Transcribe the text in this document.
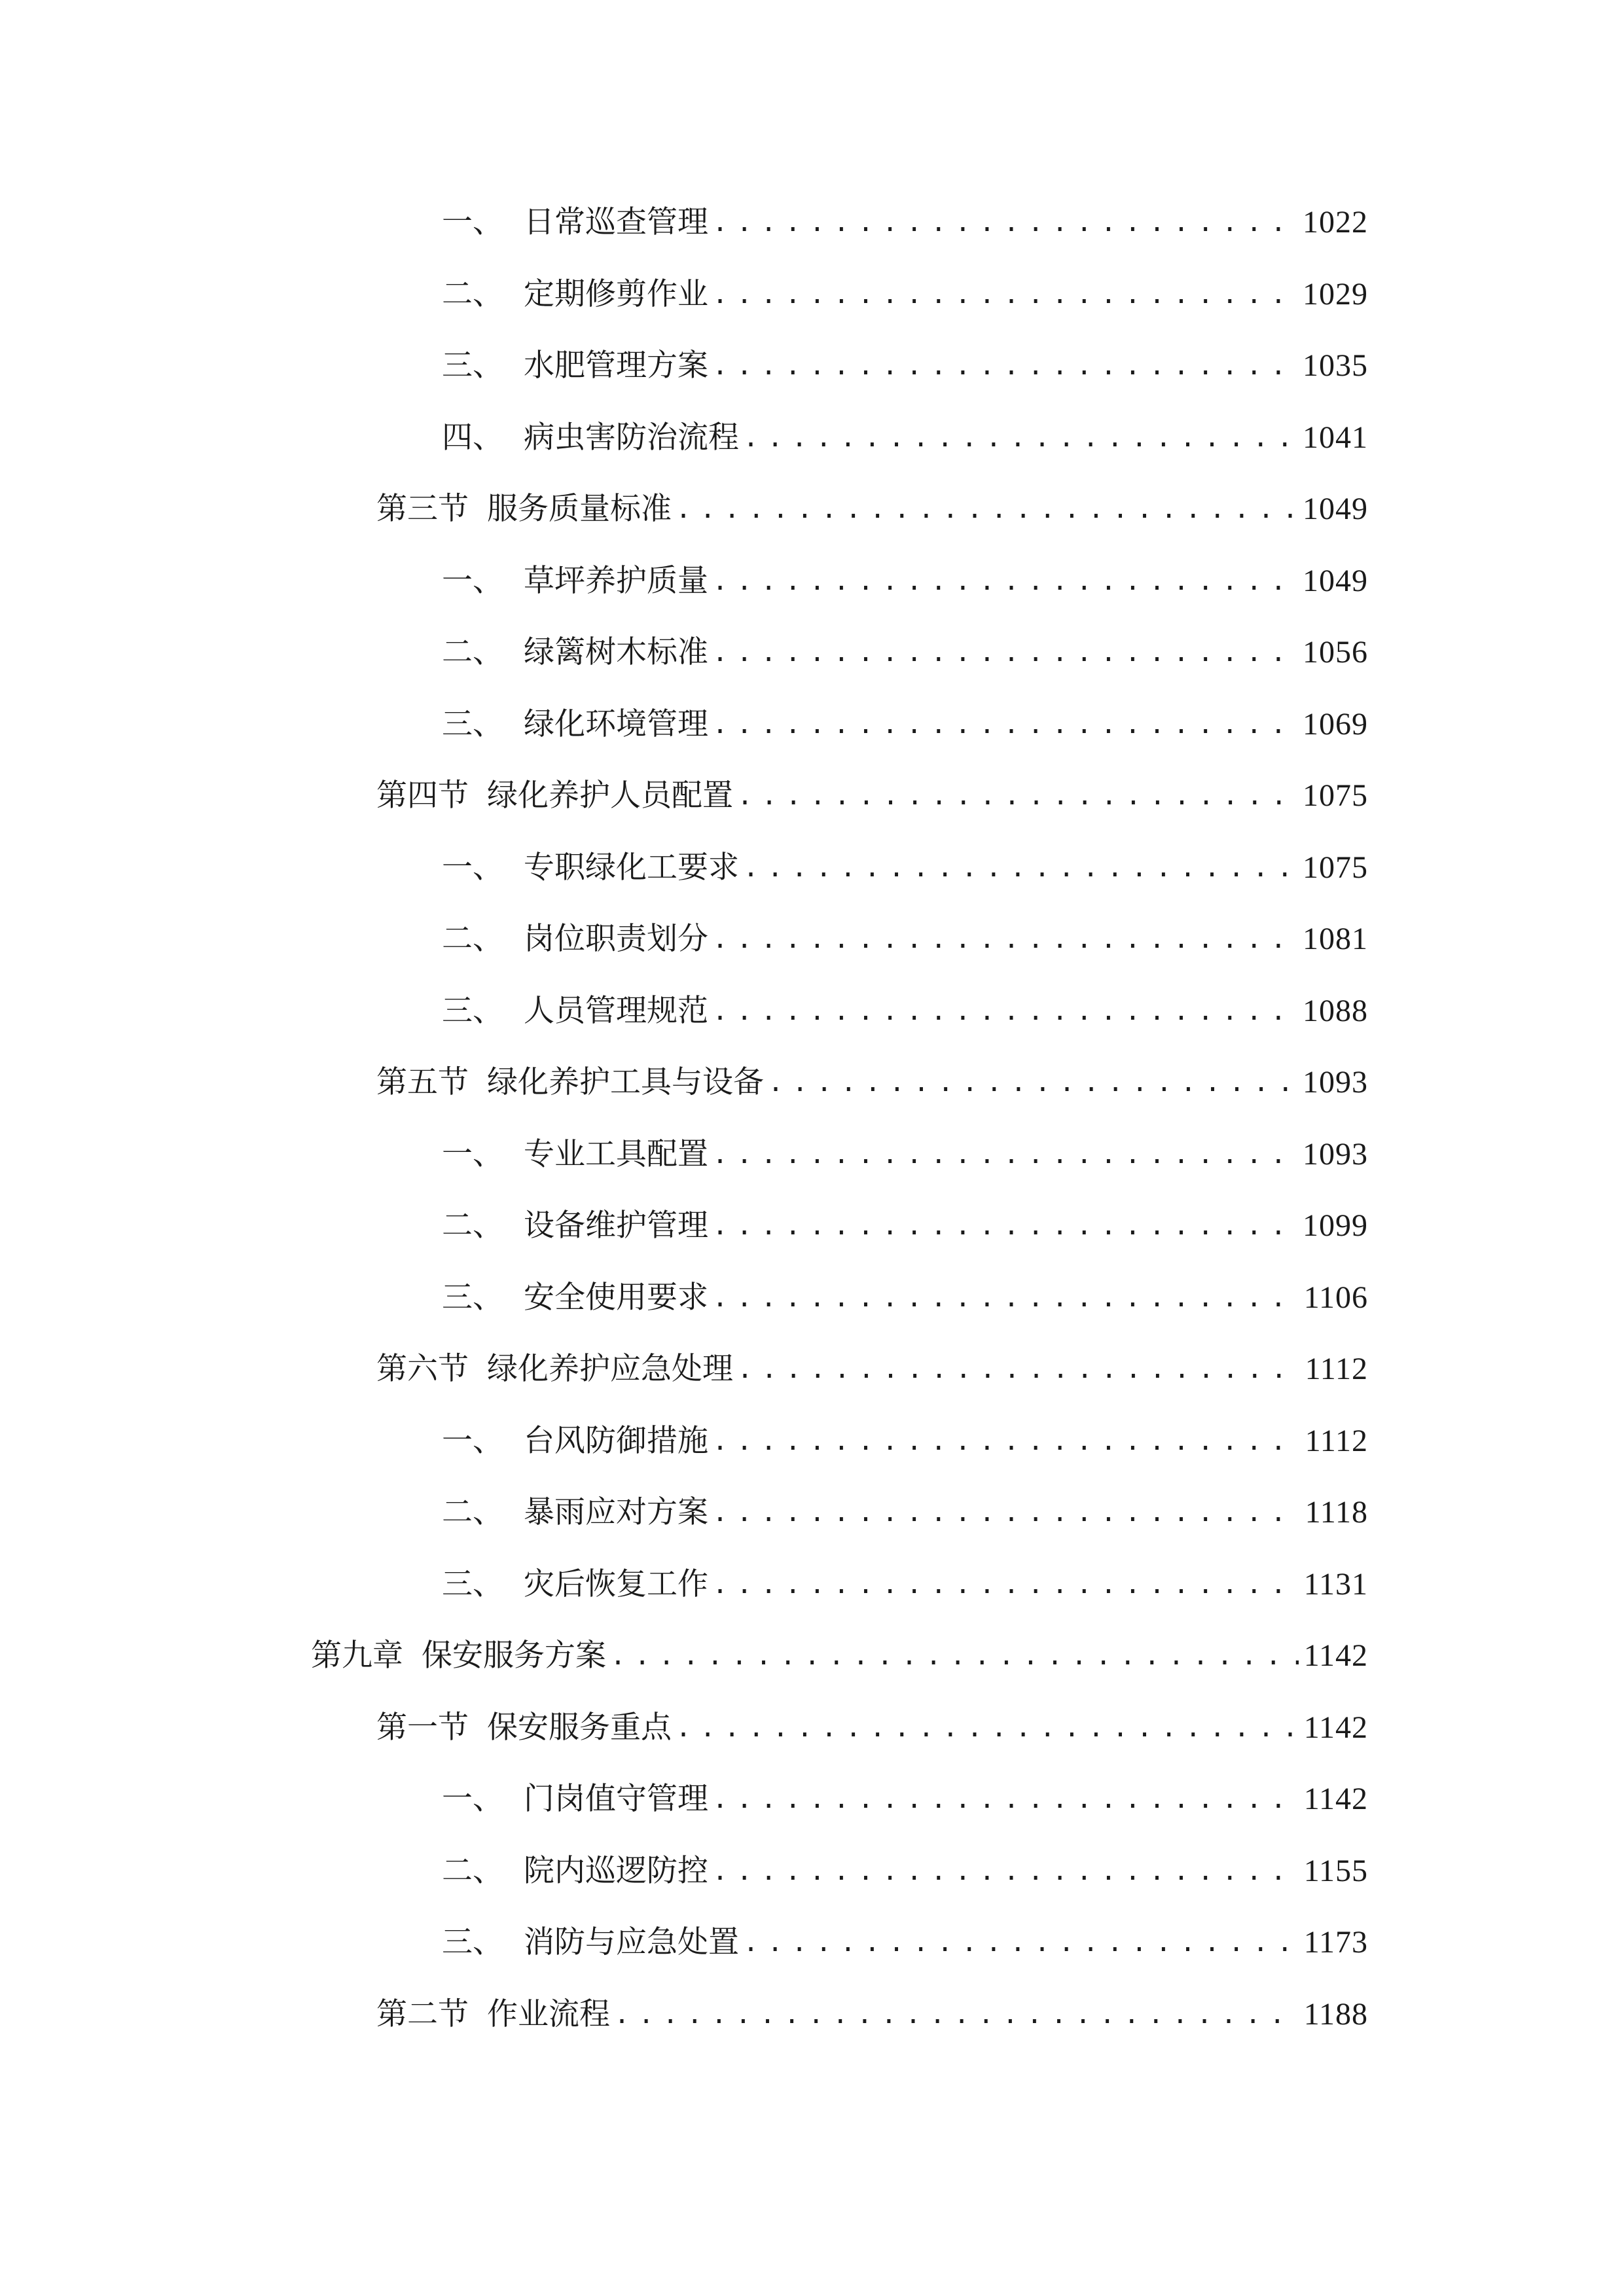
一、 日常巡查管理 .....	1022
二、 定期修剪作业 .....	1029
三、 水肥管理方案 .....	1035
四、 病虫害防治流程 .....	1041
第三节 服务质量标准 .....	1049
一、 草坪养护质量 .....	1049
二、 绿篱树木标准 .....	1056
三、 绿化环境管理 .....	1069
第四节 绿化养护人员配置 .....	1075
一、 专职绿化工要求 .....	1075
二、 岗位职责划分 .....	1081
三、 人员管理规范 .....	1088
第五节 绿化养护工具与设备 .....	1093
一、 专业工具配置 .....	1093
二、 设备维护管理 .....	1099
三、 安全使用要求 .....	1106
第六节 绿化养护应急处理 .....	1112
一、 台风防御措施 .....	1112
二、 暴雨应对方案 .....	1118
三、 灾后恢复工作 .....	1131
第九章 保安服务方案 .....	1142
第一节 保安服务重点 .....	1142
一、 门岗值守管理 .....	1142
二、 院内巡逻防控 .....	1155
三、 消防与应急处置 .....	1173
第二节 作业流程 .....	1188
